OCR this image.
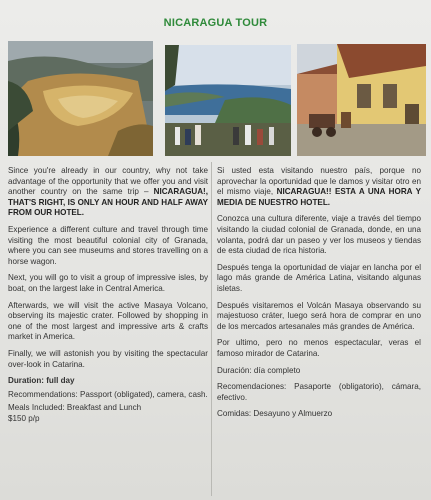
NICARAGUA TOUR

Since you're already in our country, why not take advantage of the opportunity that we offer you and visit another country on the same trip – NICARAGUA!, THAT'S RIGHT, IS ONLY AN HOUR AND HALF AWAY FROM OUR HOTEL.

Experience a different culture and travel through time visiting the most beautiful colonial city of Granada, where you can see museums and stores travelling on a horse wagon.

Next, you will go to visit a group of impressive isles, by boat, on the largest lake in Central America.

Afterwards, we will visit the active Masaya Volcano, observing its majestic crater. Followed by shopping in one of the most largest and impressive arts & crafts market in America.

Finally, we will astonish you by visiting the spectacular over-look in Catarina.

Duration: full day

Recommendations: Passport (obligated), camera, cash.

Meals Included: Breakfast and Lunch

$150 p/p

Si usted esta visitando nuestro país, porque no aprovechar la oportunidad que le damos y visitar otro en el mismo viaje, NICARAGUA!! ESTA A UNA HORA Y MEDIA DE NUESTRO HOTEL.

Conozca una cultura diferente, viaje a través del tiempo visitando la ciudad colonial de Granada, donde, en una volanta, podrá dar un paseo y ver los museos y tiendas de esta ciudad de rica historia.

Después tenga la oportunidad de viajar en lancha por el lago más grande de América Latina, visitando algunas isletas.

Después visitaremos el Volcán Masaya observando su majestuoso cráter, luego será hora de comprar en uno de los mercados artesanales más grandes de América.

Por ultimo, pero no menos espectacular, veras el famoso mirador de Catarina.

Duración: día completo

Recomendaciones: Pasaporte (obligatorio), cámara, efectivo.

Comidas: Desayuno y Almuerzo
